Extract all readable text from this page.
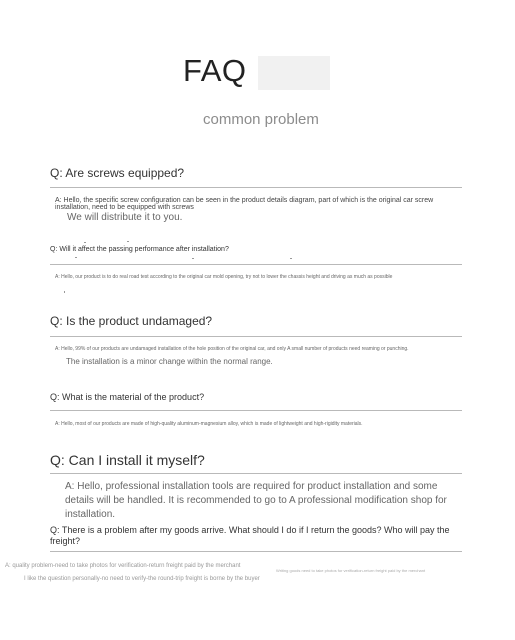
FAQ
common problem
Q: Are screws equipped?
A: Hello, the specific screw configuration can be seen in the product details diagram, part of which is the original car screw installation, need to be equipped with screws
We will distribute it to you.
Q: Will it affect the passing performance after installation?
A: Hello, our product is to do real road test according to the original car mold opening, try not to lower the chassis height and driving as much as possible
Q: Is the product undamaged?
A: Hello, 99% of our products are undamaged installation of the hole position of the original car, and only A small number of products need reaming or punching.
The installation is a minor change within the normal range.
Q: What is the material of the product?
A: Hello, most of our products are made of high-quality aluminum-magnesium alloy, which is made of lightweight and high-rigidity materials.
Q: Can I install it myself?
A: Hello, professional installation tools are required for product installation and some details will be handled. It is recommended to go to A professional modification shop for installation.
Q: There is a problem after my goods arrive. What should I do if I return the goods? Who will pay the freight?
A: quality problem-need to take photos for verification-return freight paid by the merchant
Writing goods need to take photos for verification-return freight paid by the merchant
I like the question personally-no need to verify-the round-trip freight is borne by the buyer
